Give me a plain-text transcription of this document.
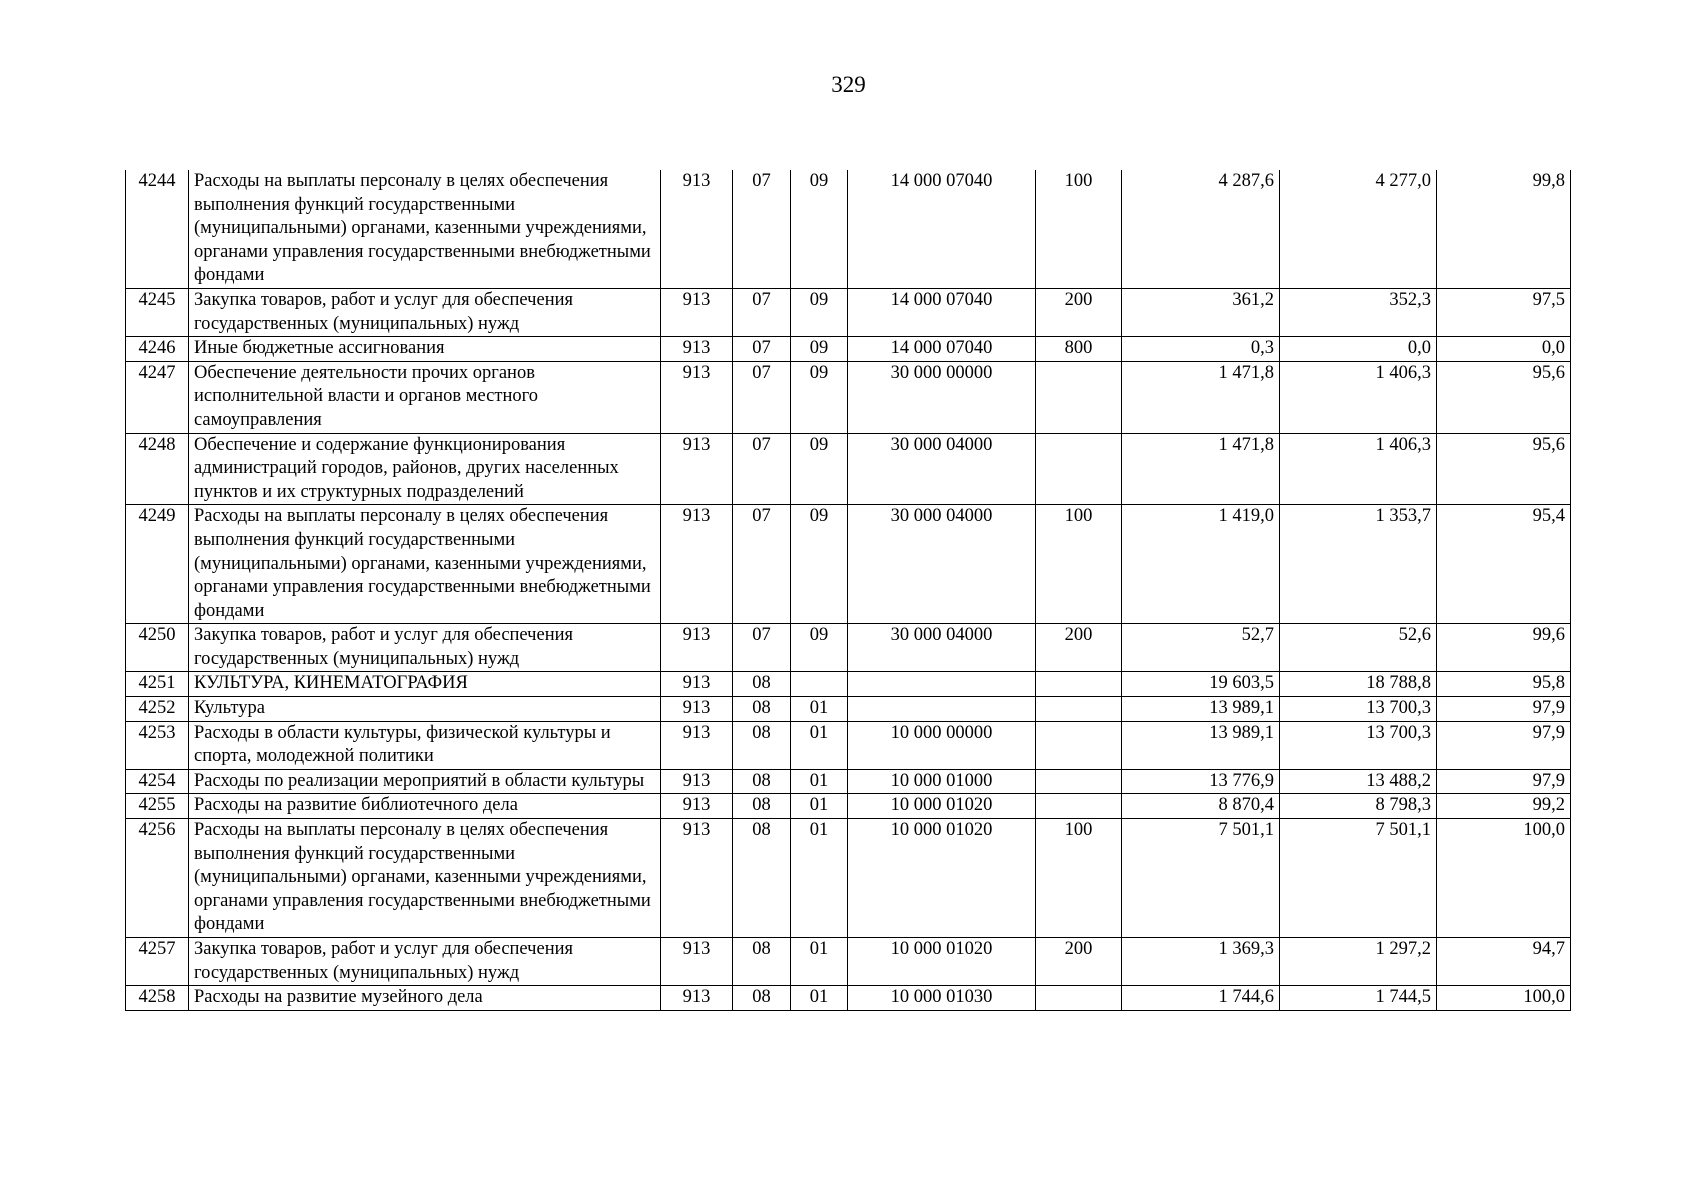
329
4244	Расходы на выплаты персоналу в целях обеспечения выполнения функций государственными (муниципальными) органами, казенными учреждениями, органами управления государственными внебюджетными фондами	913	07	09	14 000 07040	100	4 287,6	4 277,0	99,8
4245	Закупка товаров, работ и услуг для обеспечения государственных (муниципальных) нужд	913	07	09	14 000 07040	200	361,2	352,3	97,5
4246	Иные бюджетные ассигнования	913	07	09	14 000 07040	800	0,3	0,0	0,0
4247	Обеспечение деятельности прочих органов исполнительной власти и органов местного самоуправления	913	07	09	30 000 00000		1 471,8	1 406,3	95,6
4248	Обеспечение и содержание функционирования администраций городов, районов, других населенных пунктов и их структурных подразделений	913	07	09	30 000 04000		1 471,8	1 406,3	95,6
4249	Расходы на выплаты персоналу в целях обеспечения выполнения функций государственными (муниципальными) органами, казенными учреждениями, органами управления государственными внебюджетными фондами	913	07	09	30 000 04000	100	1 419,0	1 353,7	95,4
4250	Закупка товаров, работ и услуг для обеспечения государственных (муниципальных) нужд	913	07	09	30 000 04000	200	52,7	52,6	99,6
4251	КУЛЬТУРА, КИНЕМАТОГРАФИЯ	913	08				19 603,5	18 788,8	95,8
4252	Культура	913	08	01			13 989,1	13 700,3	97,9
4253	Расходы в области культуры, физической культуры и спорта, молодежной политики	913	08	01	10 000 00000		13 989,1	13 700,3	97,9
4254	Расходы по реализации мероприятий в области культуры	913	08	01	10 000 01000		13 776,9	13 488,2	97,9
4255	Расходы на развитие библиотечного дела	913	08	01	10 000 01020		8 870,4	8 798,3	99,2
4256	Расходы на выплаты персоналу в целях обеспечения выполнения функций государственными (муниципальными) органами, казенными учреждениями, органами управления государственными внебюджетными фондами	913	08	01	10 000 01020	100	7 501,1	7 501,1	100,0
4257	Закупка товаров, работ и услуг для обеспечения государственных (муниципальных) нужд	913	08	01	10 000 01020	200	1 369,3	1 297,2	94,7
4258	Расходы на развитие музейного дела	913	08	01	10 000 01030		1 744,6	1 744,5	100,0
